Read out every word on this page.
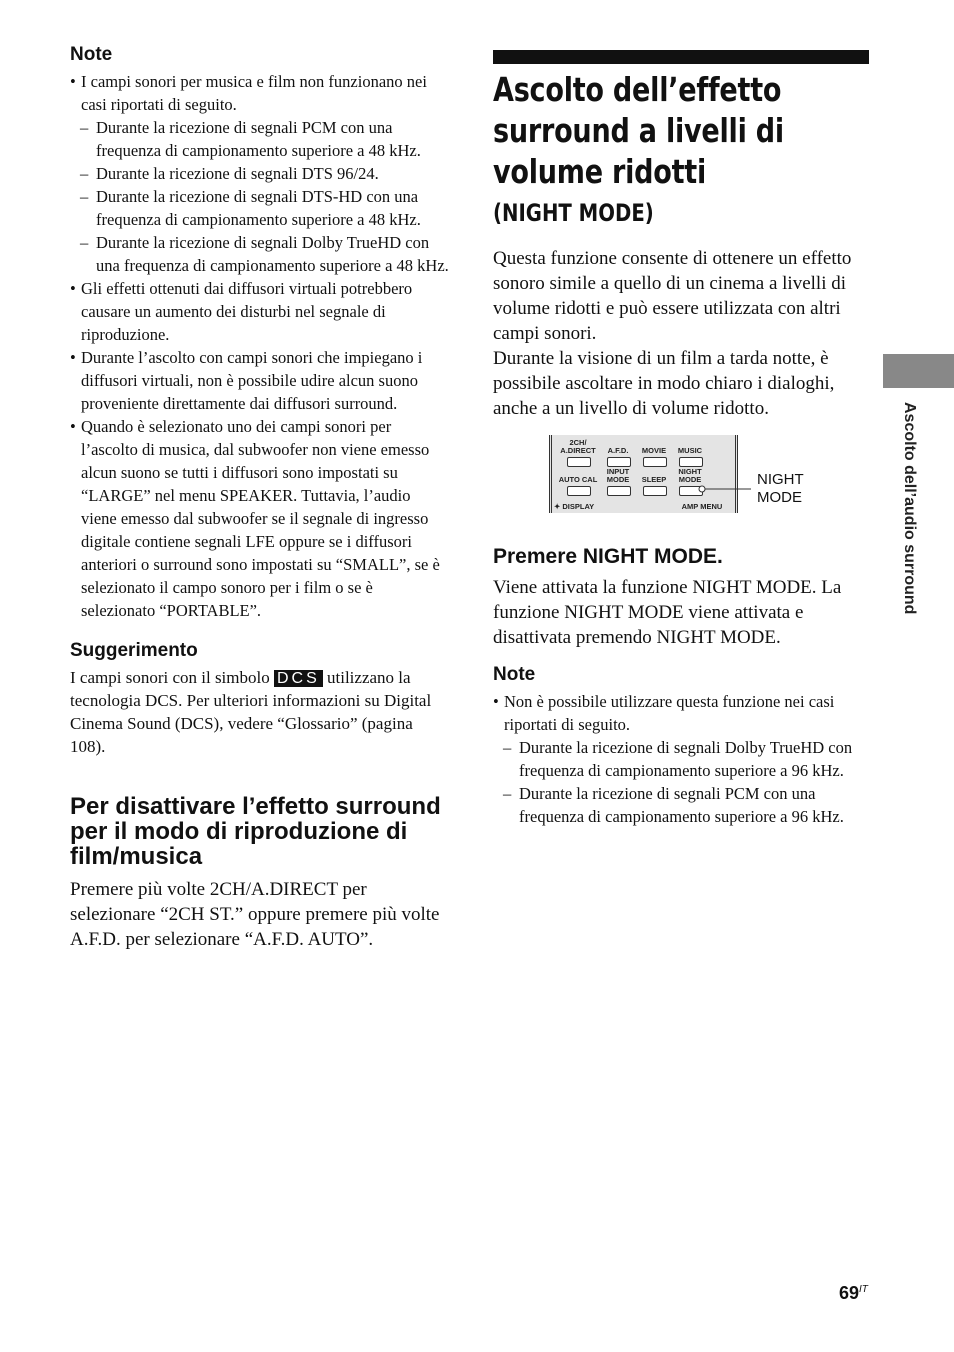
Note
• I campi sonori per musica e film non funzionano nei casi riportati di seguito.
– Durante la ricezione di segnali PCM con una frequenza di campionamento superiore a 48 kHz.
– Durante la ricezione di segnali DTS 96/24.
– Durante la ricezione di segnali DTS-HD con una frequenza di campionamento superiore a 48 kHz.
– Durante la ricezione di segnali Dolby TrueHD con una frequenza di campionamento superiore a 48 kHz.
• Gli effetti ottenuti dai diffusori virtuali potrebbero causare un aumento dei disturbi nel segnale di riproduzione.
• Durante l’ascolto con campi sonori che impiegano i diffusori virtuali, non è possibile udire alcun suono proveniente direttamente dai diffusori surround.
• Quando è selezionato uno dei campi sonori per l’ascolto di musica, dal subwoofer non viene emesso alcun suono se tutti i diffusori sono impostati su “LARGE” nel menu SPEAKER. Tuttavia, l’audio viene emesso dal subwoofer se il segnale di ingresso digitale contiene segnali LFE oppure se i diffusori anteriori o surround sono impostati su “SMALL”, se è selezionato il campo sonoro per i film o se è selezionato “PORTABLE”.
Suggerimento

I campi sonori con il simbolo DCS utilizzano la tecnologia DCS. Per ulteriori informazioni su Digital Cinema Sound (DCS), vedere “Glossario” (pagina 108).

Per disattivare l’effetto surround per il modo di riproduzione di film/musica

Premere più volte 2CH/A.DIRECT per selezionare “2CH ST.” oppure premere più volte A.F.D. per selezionare “A.F.D. AUTO”.

Ascolto dell’effetto surround a livelli di volume ridotti
(NIGHT MODE)

Questa funzione consente di ottenere un effetto sonoro simile a quello di un cinema a livelli di volume ridotti e può essere utilizzata con altri campi sonori.

Durante la visione di un film a tarda notte, è possibile ascoltare in modo chiaro i dialoghi, anche a un livello di volume ridotto.

2CH/ A.DIRECT	A.F.D.	MOVIE	MUSIC
AUTO CAL
INPUT MODE	SLEEP
NIGHT MODE
✦ DISPLAY	AMP MENU
NIGHT MODE
Premere NIGHT MODE.

Viene attivata la funzione NIGHT MODE. La funzione NIGHT MODE viene attivata e disattivata premendo NIGHT MODE.

Note
• Non è possibile utilizzare questa funzione nei casi riportati di seguito.
– Durante la ricezione di segnali Dolby TrueHD con frequenza di campionamento superiore a 96 kHz.
– Durante la ricezione di segnali PCM con una frequenza di campionamento superiore a 96 kHz.
Ascolto dell’audio surround
$69^{IT}$
